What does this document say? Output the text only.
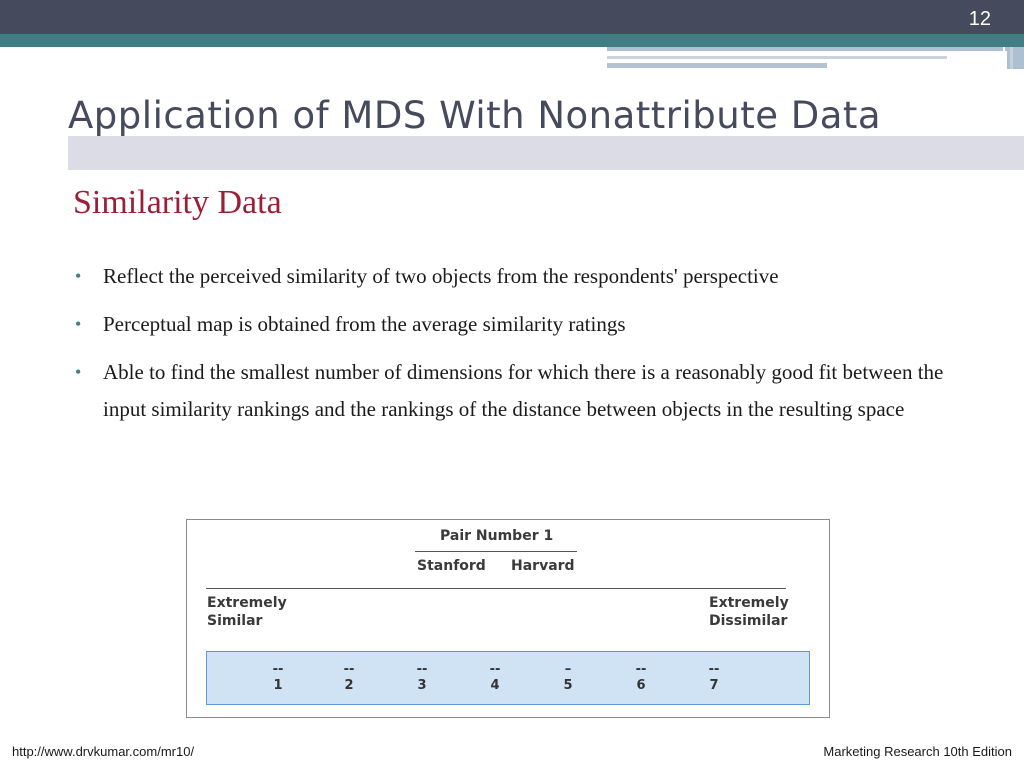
12
Application of MDS With Nonattribute Data
Similarity Data
• Reflect the perceived similarity of two objects from the respondents' perspective
• Perceptual map is obtained from the average similarity ratings
• Able to find the smallest number of dimensions for which there is a reasonably good fit between the input similarity rankings and the rankings of the distance between objects in the resulting space
Pair Number 1
Stanford Harvard
Extremely
Similar
Extremely
Dissimilar
--
1
--
2
--
3
--
4
–
5
--
6
--
7
http://www.drvkumar.com/mr10/	Marketing Research 10th Edition
